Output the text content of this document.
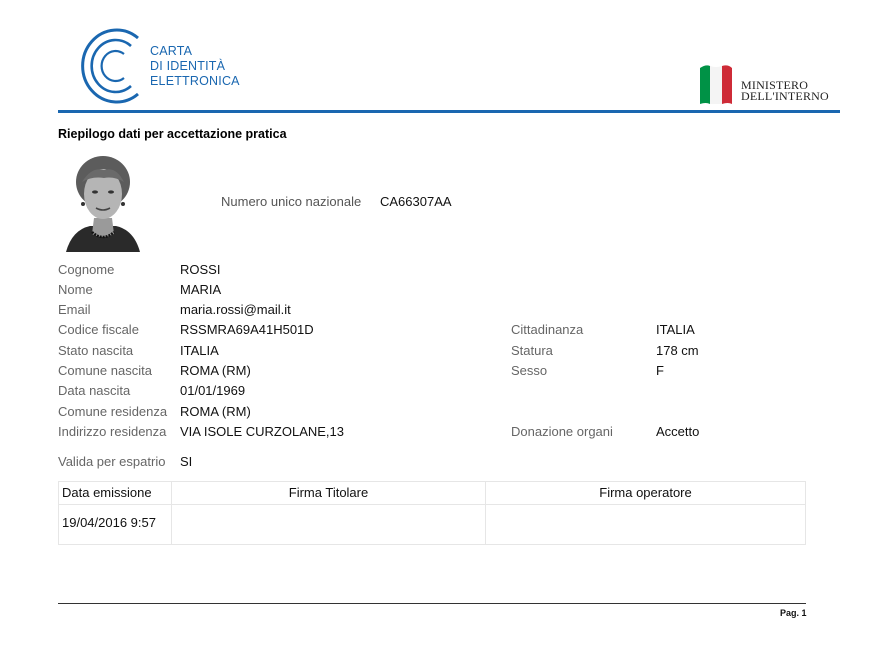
CARTA
DI IDENTITÀ
ELETTRONICA	MINISTERO
DELL'INTERNO
Riepilogo dati per accettazione pratica
Numero unico nazionale CA66307AA
Cognome	ROSSI
Nome	MARIA
Email	maria.rossi@mail.it
Codice fiscale	RSSMRA69A41H501D
Stato nascita	ITALIA
Comune nascita ROMA (RM)
Data nascita	01/01/1969
Comune residenza ROMA (RM)
Indirizzo residenza VIA ISOLE CURZOLANE,13
Cittadinanza	ITALIA
Statura	178 cm
Sesso	F
Donazione organi	Accetto
Valida per espatrio SI
Data emissione	Firma Titolare	Firma operatore
19/04/2016 9:57
Pag. 1
